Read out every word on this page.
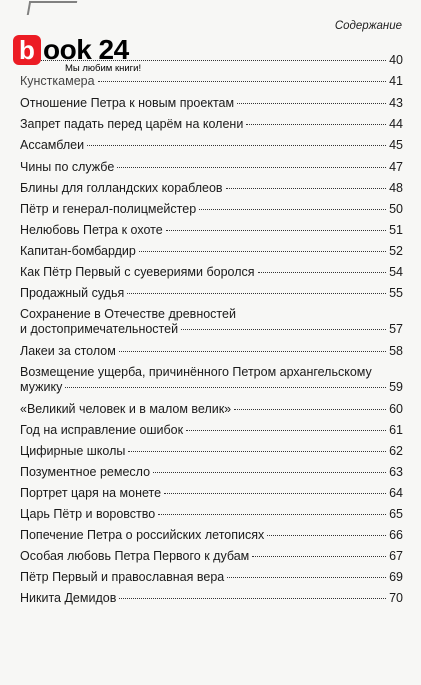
Содержание
40
Кунсткамера	41
Отношение Петра к новым проектам	43
Запрет падать перед царём на колени	44
Ассамблеи	45
Чины по службе	47
Блины для голландских кораблеов	48
Пётр и генерал-полицмейстер	50
Нелюбовь Петра к охоте	51
Капитан-бомбардир	52
Как Пётр Первый с суевериями боролся	54
Продажный судья	55
Сохранение в Отечестве древностей
и достопримечательностей	57
Лакеи за столом	58
Возмещение ущерба, причинённого Петром архангельскому
мужику	59
«Великий человек и в малом велик»	60
Год на исправление ошибок	61
Цифирные школы	62
Позументное ремесло	63
Портрет царя на монете	64
Царь Пётр и воровство	65
Попечение Петра о российских летописях	66
Особая любовь Петра Первого к дубам	67
Пётр Первый и православная вера	69
Никита Демидов	70
b ook 24
Мы любим книги!
